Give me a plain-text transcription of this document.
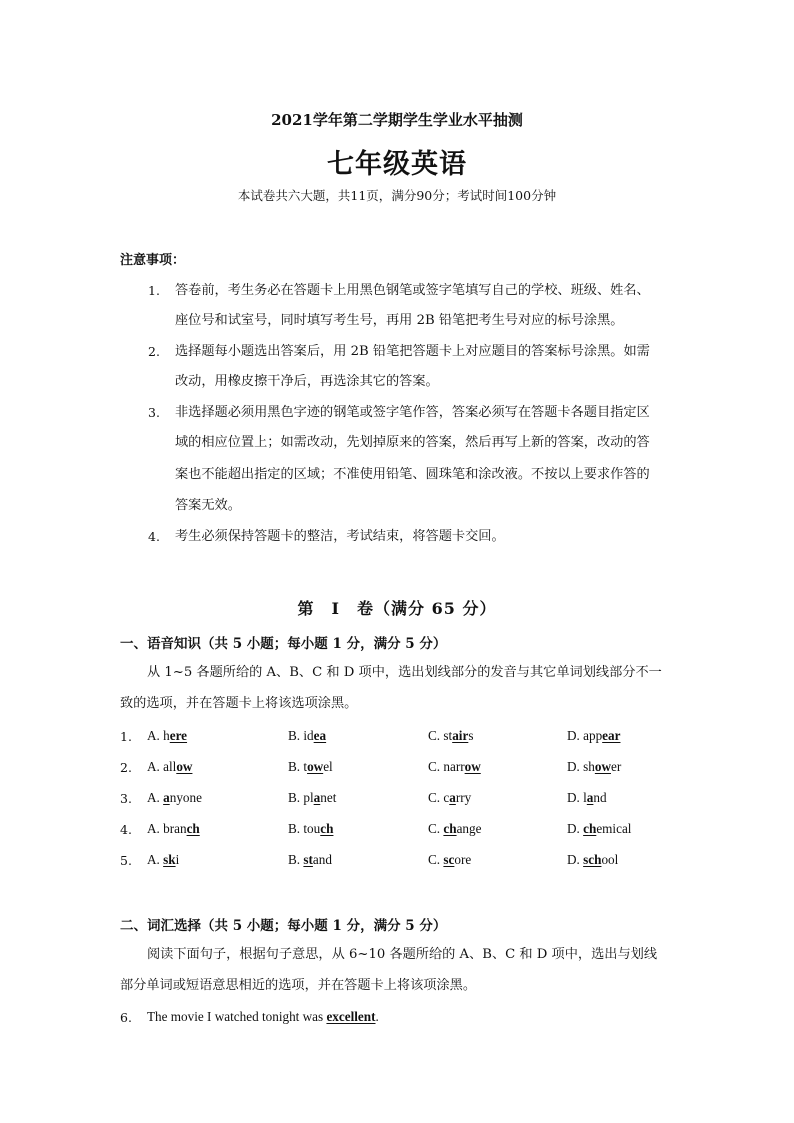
2021学年第二学期学生学业水平抽测
七年级英语
本试卷共六大题，共11页，满分90分；考试时间100分钟
注意事项：
1. 答卷前，考生务必在答题卡上用黑色钢笔或签字笔填写自己的学校、班级、姓名、
座位号和试室号，同时填写考生号，再用 2B 铅笔把考生号对应的标号涂黑。
2. 选择题每小题选出答案后，用 2B 铅笔把答题卡上对应题目的答案标号涂黑。如需
改动，用橡皮擦干净后，再选涂其它的答案。
3. 非选择题必须用黑色字迹的钢笔或签字笔作答，答案必须写在答题卡各题目指定区
域的相应位置上；如需改动，先划掉原来的答案，然后再写上新的答案，改动的答
案也不能超出指定的区域；不准使用铅笔、圆珠笔和涂改液。不按以上要求作答的
答案无效。
4. 考生必须保持答题卡的整洁，考试结束，将答题卡交回。
第　Ⅰ　卷（满分 65 分）
一、语音知识（共 5 小题；每小题 1 分，满分 5 分）
从 1~5 各题所给的 A、B、C 和 D 项中，选出划线部分的发音与其它单词划线部分不一
致的选项，并在答题卡上将该选项涂黑。
1. A. here	B. idea	C. stairs	D. appear
2. A. allow	B. towel	C. narrow	D. shower
3. A. anyone	B. planet	C. carry	D. land
4. A. branch	B. touch	C. change	D. chemical
5. A. ski	B. stand	C. score	D. school
二、词汇选择（共 5 小题；每小题 1 分，满分 5 分）
阅读下面句子，根据句子意思，从 6~10 各题所给的 A、B、C 和 D 项中，选出与划线
部分单词或短语意思相近的选项，并在答题卡上将该项涂黑。
6. The movie I watched tonight was excellent.
